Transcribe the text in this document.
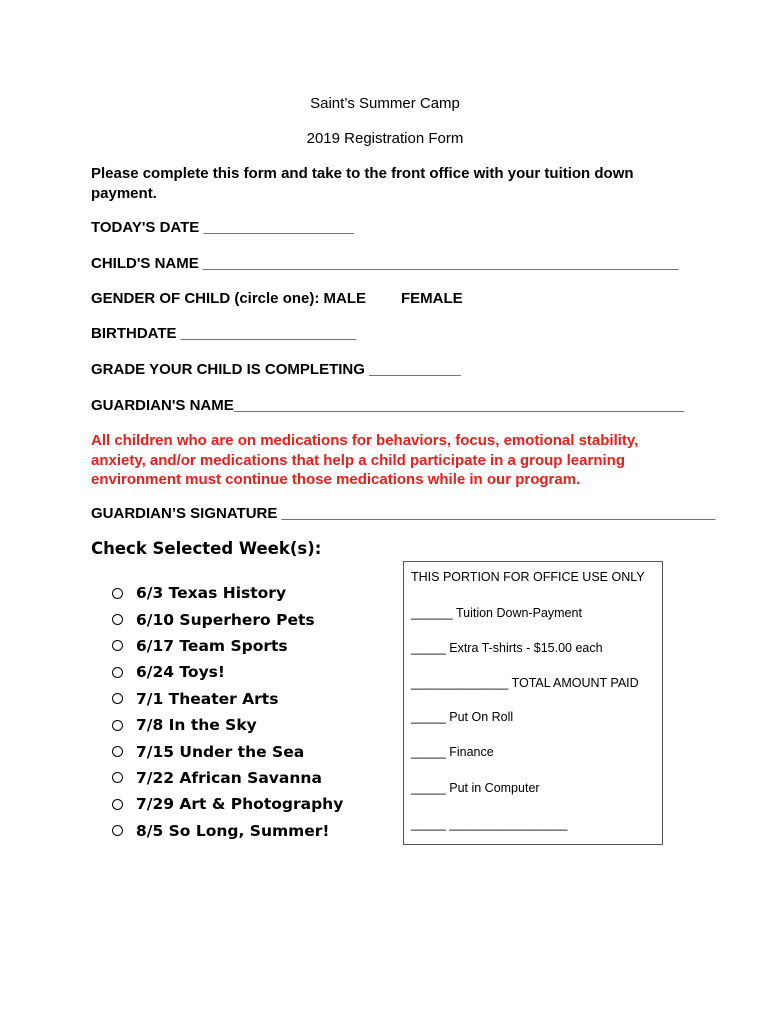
Saint’s Summer Camp
2019 Registration Form
Please complete this form and take to the front office with your tuition down payment.
TODAY'S DATE __________________
CHILD'S NAME _________________________________________________________
GENDER OF CHILD (circle one): MALE FEMALE
BIRTHDATE _____________________
GRADE YOUR CHILD IS COMPLETING ___________
GUARDIAN'S NAME______________________________________________________
All children who are on medications for behaviors, focus, emotional stability, anxiety, and/or medications that help a child participate in a group learning environment must continue those medications while in our program.
GUARDIAN’S SIGNATURE ____________________________________________________
Check Selected Week(s):
6/3 Texas History
6/10 Superhero Pets
6/17 Team Sports
6/24 Toys!
7/1 Theater Arts
7/8 In the Sky
7/15 Under the Sea
7/22 African Savanna
7/29 Art & Photography
8/5 So Long, Summer!
THIS PORTION FOR OFFICE USE ONLY
______ Tuition Down-Payment
_____ Extra T-shirts - $15.00 each
______________ TOTAL AMOUNT PAID
_____ Put On Roll
_____ Finance
_____ Put in Computer
_____ _________________
